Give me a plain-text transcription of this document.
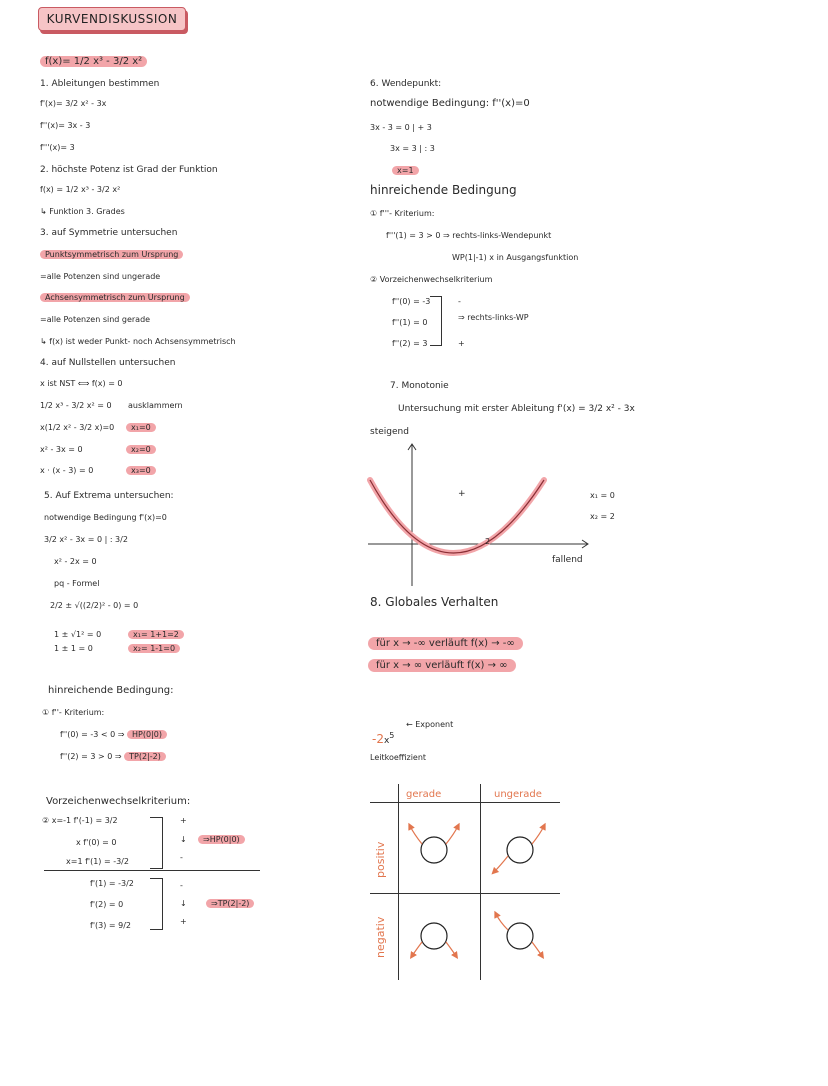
KURVENDISKUSSION
f(x)= 1/2 x³ - 3/2 x²
1. Ableitungen bestimmen
f'(x)= 3/2 x² - 3x
f''(x)= 3x - 3
f'''(x)= 3
2. höchste Potenz ist Grad der Funktion
f(x) = 1/2 x³ - 3/2 x²
↳ Funktion 3. Grades
3. auf Symmetrie untersuchen
Punktsymmetrisch zum Ursprung
=alle Potenzen sind ungerade
Achsensymmetrisch zum Ursprung
=alle Potenzen sind gerade
↳ f(x) ist weder Punkt- noch Achsensymmetrisch
4. auf Nullstellen untersuchen
x ist NST ⟺ f(x) = 0
1/2 x³ - 3/2 x² = 0 ausklammern
x(1/2 x² - 3/2 x)=0	x₁=0
x² - 3x = 0	x₂=0
x · (x - 3) = 0	x₃=0
5. Auf Extrema untersuchen:
notwendige Bedingung f'(x)=0
3/2 x² - 3x = 0 | : 3/2
x² - 2x = 0
pq - Formel
2/2 ± √((2/2)² - 0) = 0
1 ± √1² = 0
1 ± 1 = 0
x₁= 1+1=2
x₂= 1-1=0
hinreichende Bedingung:
① f''- Kriterium:
f''(0) = -3 < 0 ⇒ HP(0|0)
f''(2) = 3 > 0 ⇒ TP(2|-2)
Vorzeichenwechselkriterium:
② x=-1 f'(-1) = 3/2
x f'(0) = 0
x=1 f'(1) = -3/2
+
↓
-
⇒HP(0|0)
f'(1) = -3/2
f'(2) = 0
f'(3) = 9/2
-
↓
+
⇒TP(2|-2)
6. Wendepunkt:
notwendige Bedingung: f''(x)=0
3x - 3 = 0 | + 3
3x = 3 | : 3
x=1
hinreichende Bedingung
① f'''- Kriterium:
f'''(1) = 3 > 0 ⇒ rechts-links-Wendepunkt
WP(1|-1) x in Ausgangsfunktion
② Vorzeichenwechselkriterium
f''(0) = -3
f''(1) = 0
f''(2) = 3
-
+
⇒ rechts-links-WP
7. Monotonie
Untersuchung mit erster Ableitung f'(x) = 3/2 x² - 3x
steigend
+
2
fallend
x₁ = 0
x₂ = 2
8. Globales Verhalten
für x → -∞ verläuft f(x) → -∞
für x → ∞ verläuft f(x) → ∞
$-2x^5$
← Exponent
Leitkoeffizient
gerade	ungerade
positiv
negativ
